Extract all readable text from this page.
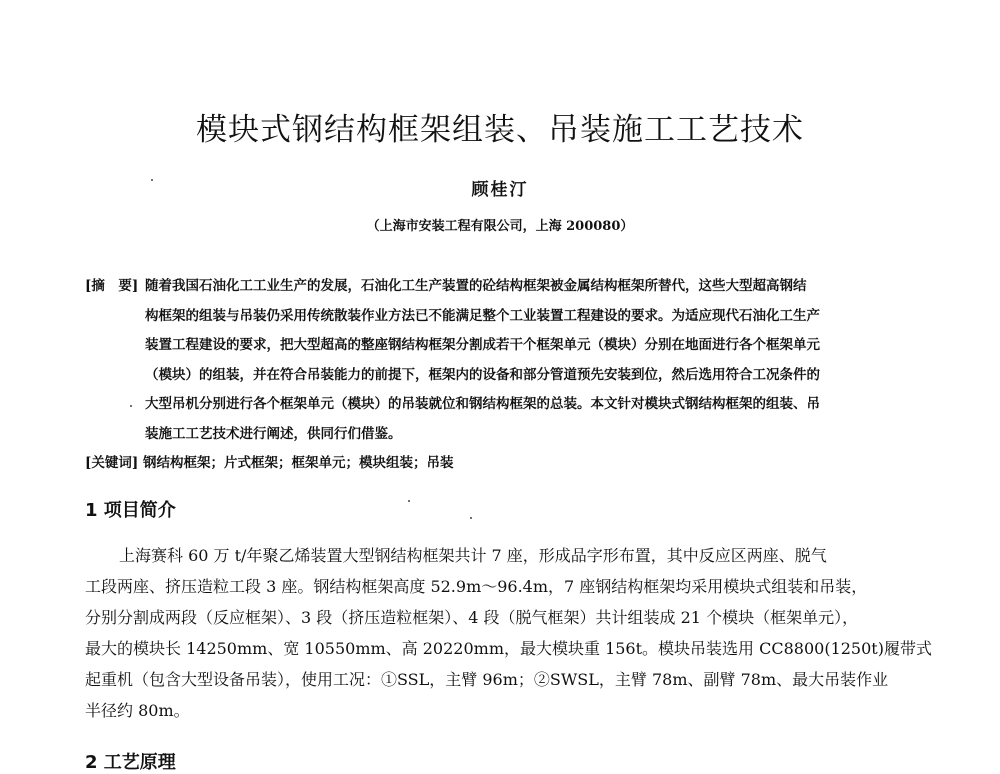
模块式钢结构框架组装、吊装施工工艺技术
顾桂汀
（上海市安装工程有限公司，上海 200080）
[摘　要] 随着我国石油化工工业生产的发展，石油化工生产装置的砼结构框架被金属结构框架所替代，这些大型超高钢结
构框架的组装与吊装仍采用传统散装作业方法已不能满足整个工业装置工程建设的要求。为适应现代石油化工生产
装置工程建设的要求，把大型超高的整座钢结构框架分割成若干个框架单元（模块）分别在地面进行各个框架单元
（模块）的组装，并在符合吊装能力的前提下，框架内的设备和部分管道预先安装到位，然后选用符合工况条件的
大型吊机分别进行各个框架单元（模块）的吊装就位和钢结构框架的总装。本文针对模块式钢结构框架的组装、吊
装施工工艺技术进行阐述，供同行们借鉴。
[关键词] 钢结构框架；片式框架；框架单元；模块组装；吊装
1 项目简介
上海赛科 60 万 t/年聚乙烯装置大型钢结构框架共计 7 座，形成品字形布置，其中反应区两座、脱气
工段两座、挤压造粒工段 3 座。钢结构框架高度 52.9m～96.4m，7 座钢结构框架均采用模块式组装和吊装，
分别分割成两段（反应框架）、3 段（挤压造粒框架）、4 段（脱气框架）共计组装成 21 个模块（框架单元），
最大的模块长 14250mm、宽 10550mm、高 20220mm，最大模块重 156t。模块吊装选用 CC8800(1250t)履带式
起重机（包含大型设备吊装），使用工况：①SSL，主臂 96m；②SWSL，主臂 78m、副臂 78m、最大吊装作业
半径约 80m。
2 工艺原理
